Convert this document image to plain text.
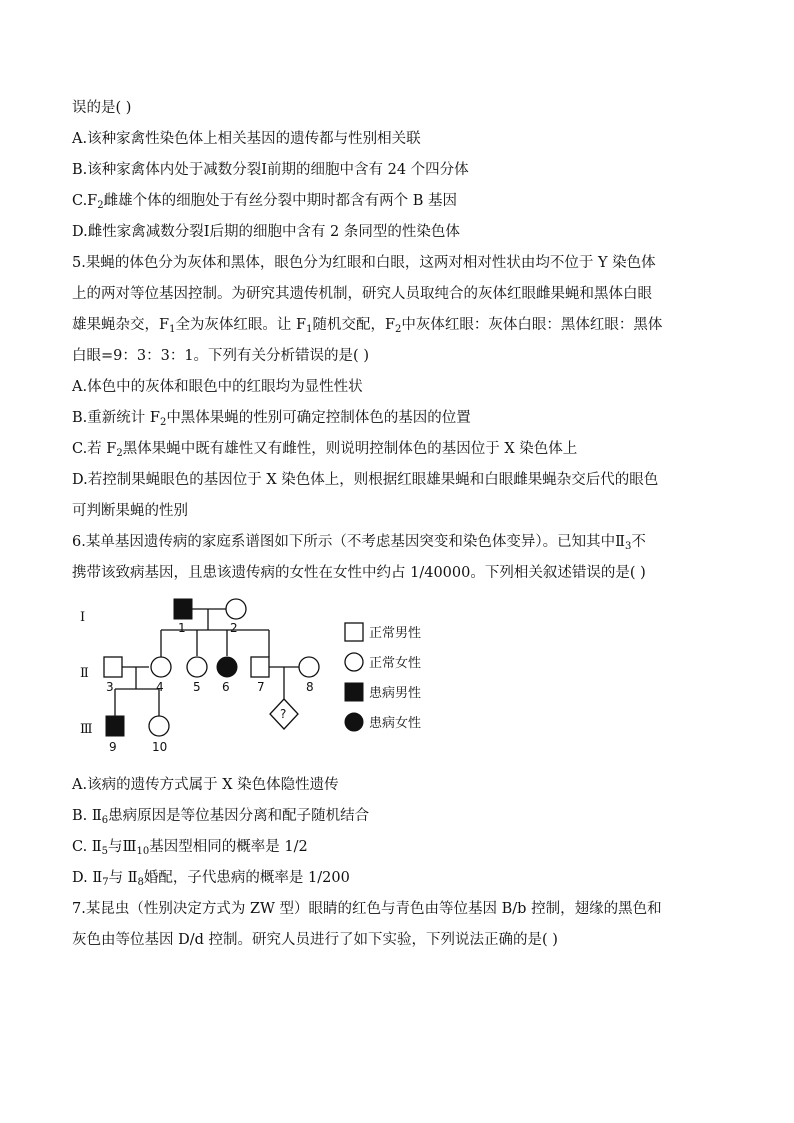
误的是( )
A.该种家禽性染色体上相关基因的遗传都与性别相关联
B.该种家禽体内处于减数分裂Ⅰ前期的细胞中含有 24 个四分体
$C.F_2$雌雄个体的细胞处于有丝分裂中期时都含有两个 B 基因
D.雌性家禽减数分裂Ⅰ后期的细胞中含有 2 条同型的性染色体
5.果蝇的体色分为灰体和黑体，眼色分为红眼和白眼，这两对相对性状由均不位于 Y 染色体
上的两对等位基因控制。为研究其遗传机制，研究人员取纯合的灰体红眼雌果蝇和黑体白眼
雄果蝇杂交，$F_1$全为灰体红眼。让 $F_1$随机交配，$F_2$中灰体红眼：灰体白眼：黑体红眼：黑体
白眼=9：3：3：1。下列有关分析错误的是( )
A.体色中的灰体和眼色中的红眼均为显性性状
B.重新统计 $F_2$中黑体果蝇的性别可确定控制体色的基因的位置
C.若 $F_2$黑体果蝇中既有雄性又有雌性，则说明控制体色的基因位于 X 染色体上
D.若控制果蝇眼色的基因位于 X 染色体上，则根据红眼雄果蝇和白眼雌果蝇杂交后代的眼色
可判断果蝇的性别
6.某单基因遗传病的家庭系谱图如下所示（不考虑基因突变和染色体变异）。已知其中$Ⅱ_3$不
携带该致病基因，且患该遗传病的女性在女性中约占 1/40000。下列相关叙述错误的是( )
Ⅰ
Ⅱ
Ⅲ
1	2
3	4 5 6 7	8
9	10
?
正常男性
正常女性
患病男性
患病女性
A.该病的遗传方式属于 X 染色体隐性遗传
B. $Ⅱ_6$患病原因是等位基因分离和配子随机结合
C. $Ⅱ_5$与$Ⅲ_{10}$基因型相同的概率是 1/2
D. $Ⅱ_7$与 $Ⅱ_8$婚配，子代患病的概率是 1/200
7.某昆虫（性别决定方式为 ZW 型）眼睛的红色与青色由等位基因 B/b 控制，翅缘的黑色和
灰色由等位基因 D/d 控制。研究人员进行了如下实验，下列说法正确的是( )
